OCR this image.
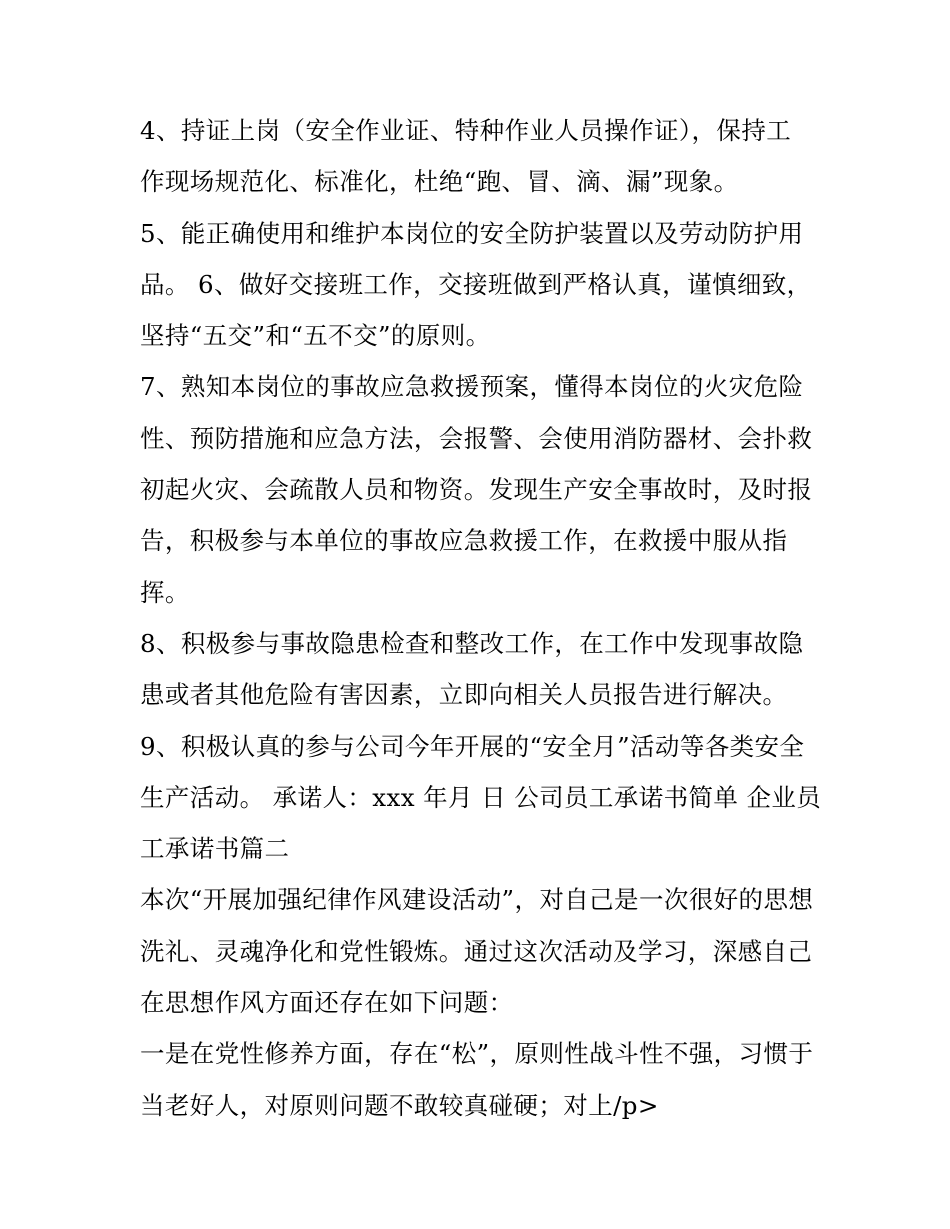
4、持证上岗（安全作业证、特种作业人员操作证），保持工
作现场规范化、标准化，杜绝“跑、冒、滴、漏”现象。
5、能正确使用和维护本岗位的安全防护装置以及劳动防护用
品。 6、做好交接班工作，交接班做到严格认真，谨慎细致，
坚持“五交”和“五不交”的原则。
7、熟知本岗位的事故应急救援预案，懂得本岗位的火灾危险
性、预防措施和应急方法，会报警、会使用消防器材、会扑救
初起火灾、会疏散人员和物资。发现生产安全事故时，及时报
告，积极参与本单位的事故应急救援工作，在救援中服从指
挥。
8、积极参与事故隐患检查和整改工作，在工作中发现事故隐
患或者其他危险有害因素，立即向相关人员报告进行解决。
9、积极认真的参与公司今年开展的“安全月”活动等各类安全
生产活动。 承诺人：xxx 年月 日 公司员工承诺书简单 企业员
工承诺书篇二
本次“开展加强纪律作风建设活动”，对自己是一次很好的思想
洗礼、灵魂净化和党性锻炼。通过这次活动及学习，深感自己
在思想作风方面还存在如下问题：
一是在党性修养方面，存在“松”，原则性战斗性不强，习惯于
当老好人，对原则问题不敢较真碰硬；对上/p>
